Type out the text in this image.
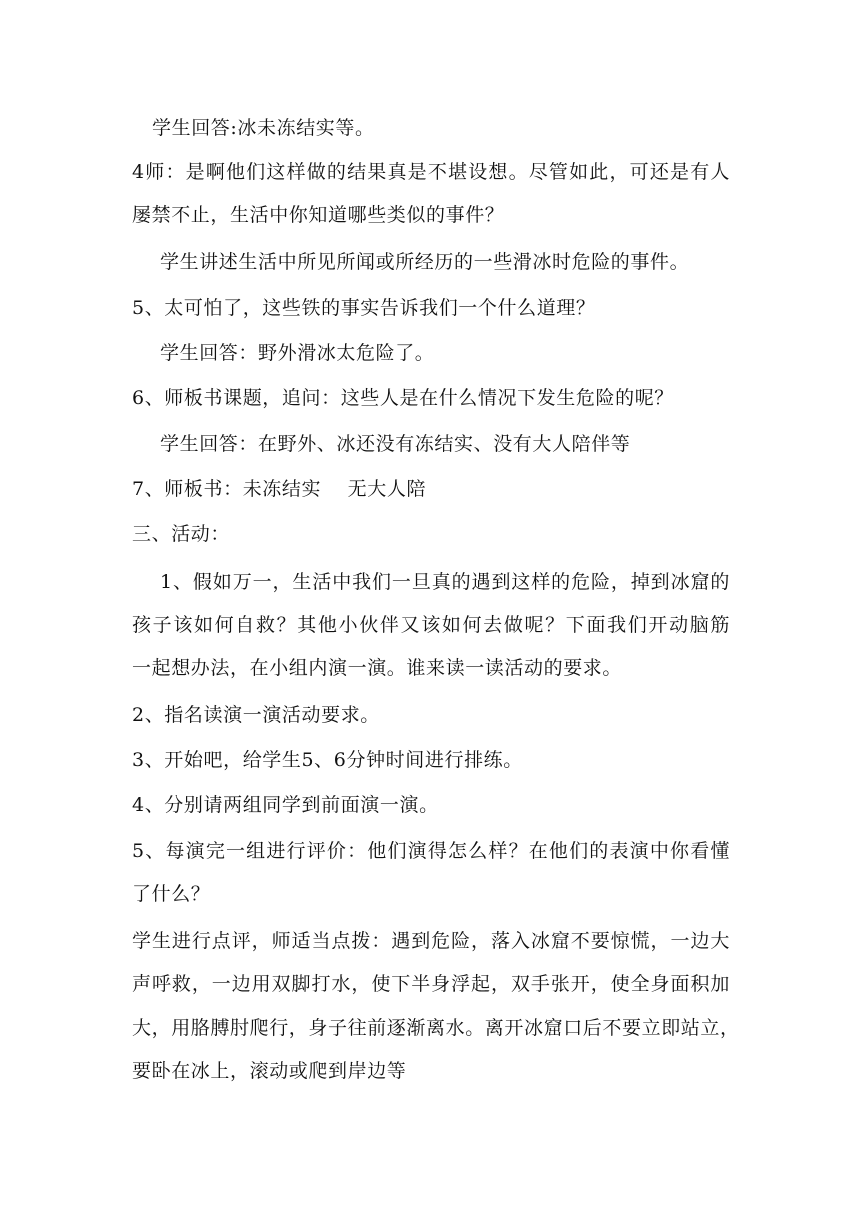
学生回答:冰未冻结实等。
4师：是啊他们这样做的结果真是不堪设想。尽管如此，可还是有人
屡禁不止，生活中你知道哪些类似的事件？
学生讲述生活中所见所闻或所经历的一些滑冰时危险的事件。
5、太可怕了，这些铁的事实告诉我们一个什么道理？
学生回答：野外滑冰太危险了。
6、师板书课题，追问：这些人是在什么情况下发生危险的呢？
学生回答：在野外、冰还没有冻结实、没有大人陪伴等
7、师板书：未冻结实    无大人陪
三、活动：
1、假如万一，生活中我们一旦真的遇到这样的危险，掉到冰窟的
孩子该如何自救？其他小伙伴又该如何去做呢？下面我们开动脑筋
一起想办法，在小组内演一演。谁来读一读活动的要求。
2、指名读演一演活动要求。
3、开始吧，给学生5、6分钟时间进行排练。
4、分别请两组同学到前面演一演。
5、每演完一组进行评价：他们演得怎么样？在他们的表演中你看懂
了什么？
学生进行点评，师适当点拨：遇到危险，落入冰窟不要惊慌，一边大
声呼救，一边用双脚打水，使下半身浮起，双手张开，使全身面积加
大，用胳膊肘爬行，身子往前逐渐离水。离开冰窟口后不要立即站立，
要卧在冰上，滚动或爬到岸边等
